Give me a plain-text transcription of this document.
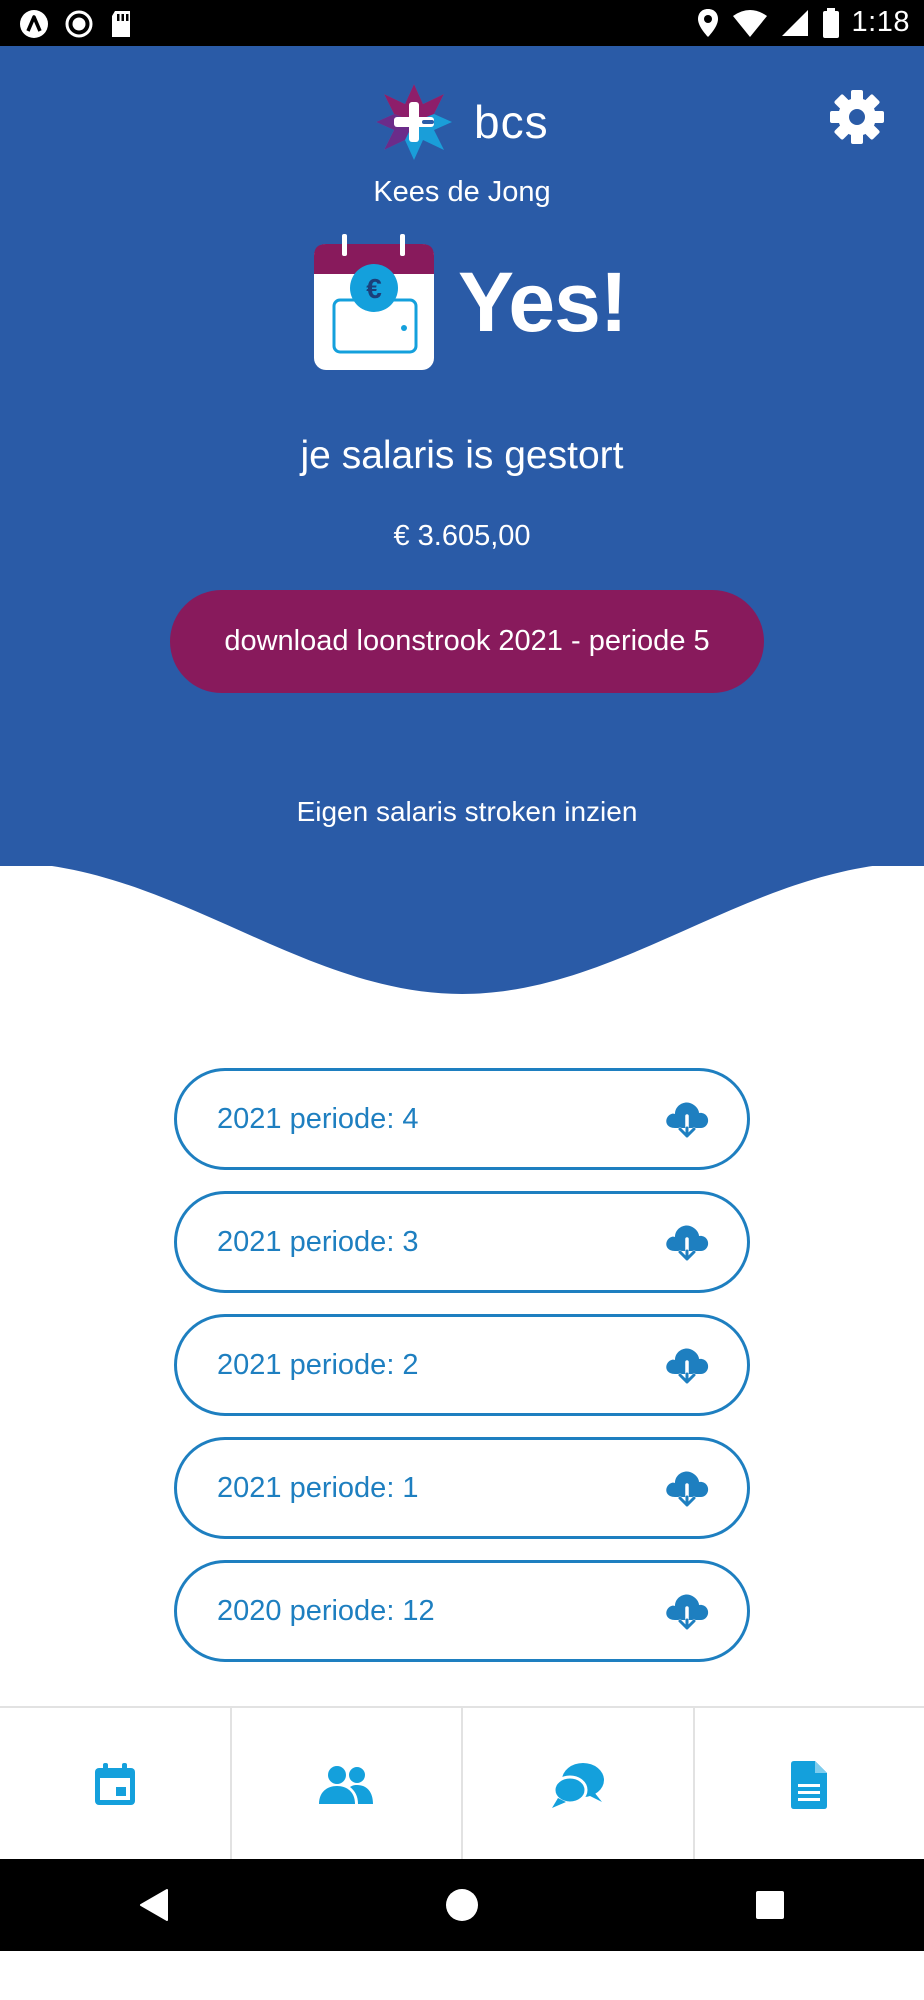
1:18
bcs
Kees de Jong
€ Yes!
je salaris is gestort
€ 3.605,00
download loonstrook 2021 - periode 5
Eigen salaris stroken inzien
2021 periode: 4
2021 periode: 3
2021 periode: 2
2021 periode: 1
2020 periode: 12
